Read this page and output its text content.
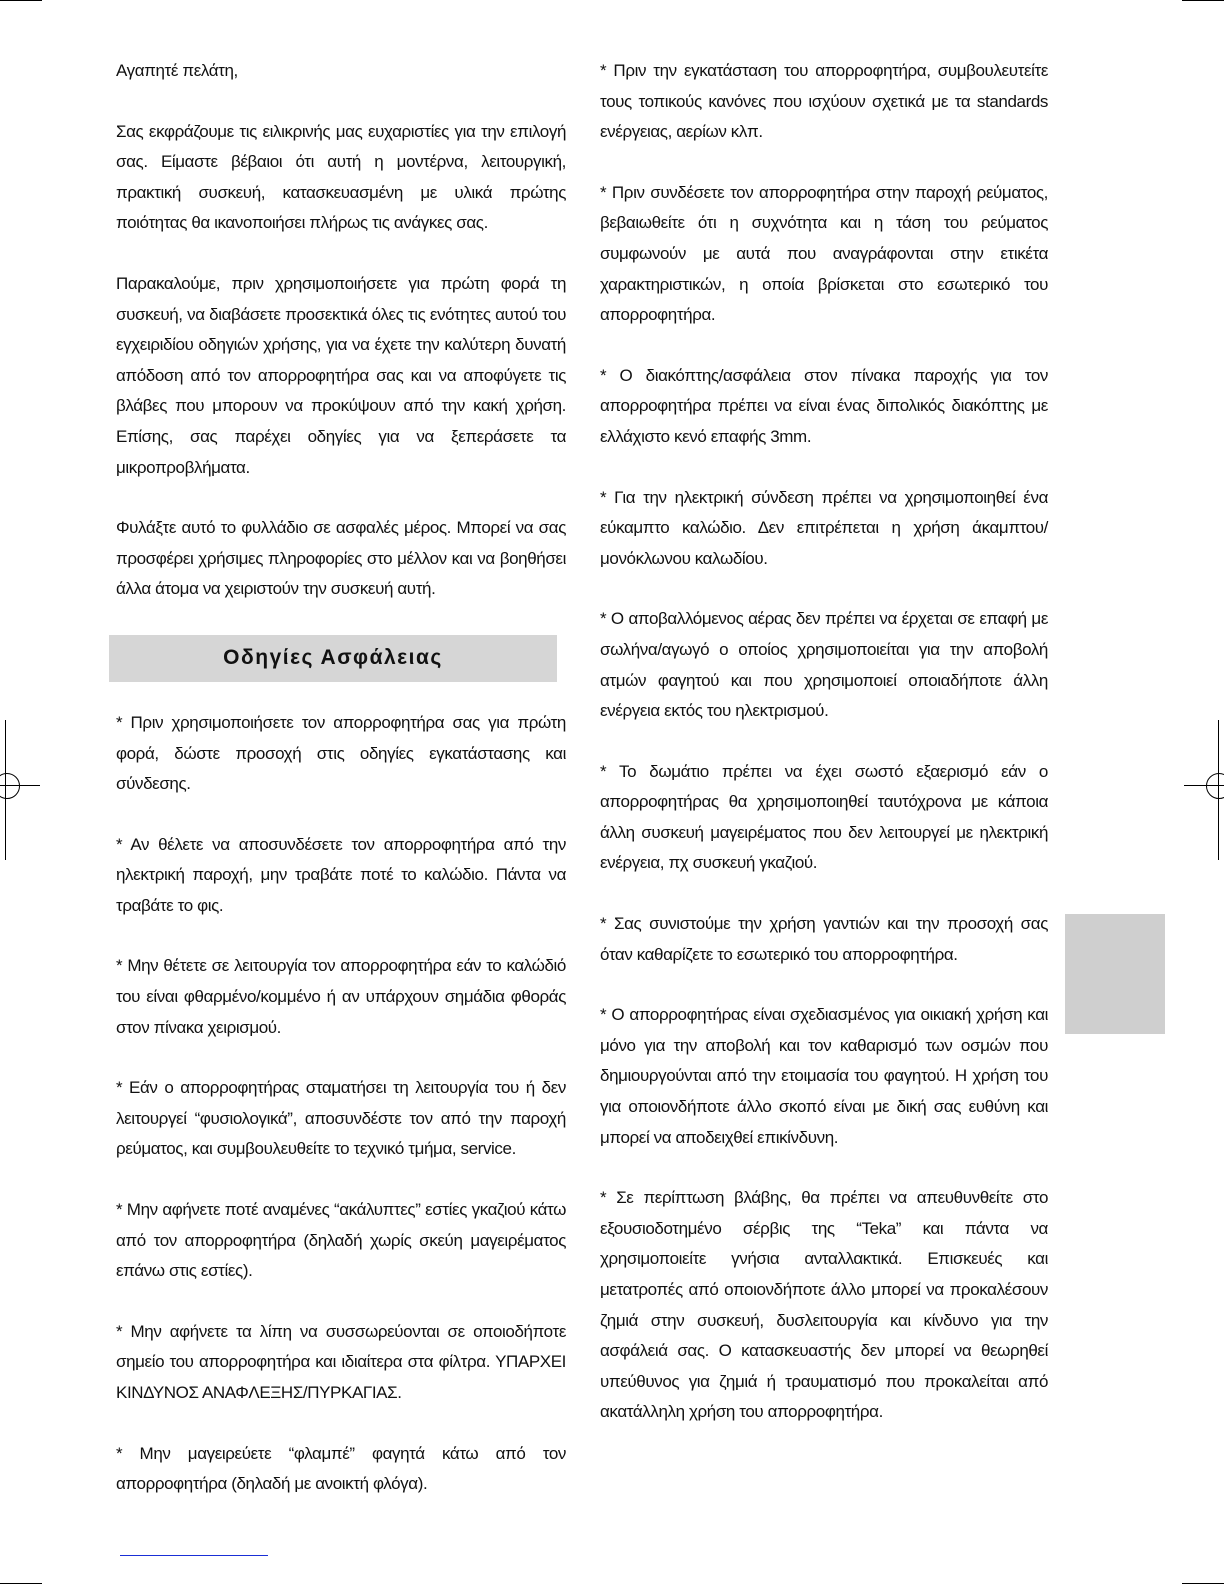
Αγαπητέ πελάτη,

Σας εκφράζουμε τις ειλικρινής μας ευχαριστίες για την επιλογή σας. Είμαστε βέβαιοι ότι αυτή η μοντέρνα, λειτουργική, πρακτική συσκευή, κατασκευασμένη με υλικά πρώτης ποιότητας θα ικανοποιήσει πλήρως τις ανάγκες σας.

Παρακαλούμε, πριν χρησιμοποιήσετε για πρώτη φορά τη συσκευή, να διαβάσετε προσεκτικά όλες τις ενότητες αυτού του εγχειριδίου οδηγιών χρήσης, για να έχετε την καλύτερη δυνατή απόδοση από τον απορροφητήρα σας και να αποφύγετε τις βλάβες που μπορουν να προκύψουν από την κακή χρήση. Επίσης, σας παρέχει οδηγίες για να ξεπεράσετε τα μικροπροβλήματα.

Φυλάξτε αυτό το φυλλάδιο σε ασφαλές μέρος. Μπορεί να σας προσφέρει χρήσιμες πληροφορίες στο μέλλον και να βοηθήσει άλλα άτομα να χειριστούν την συσκευή αυτή.

Οδηγίες Ασφάλειας

* Πριν χρησιμοποιήσετε τον απορροφητήρα σας για πρώτη φορά, δώστε προσοχή στις οδηγίες εγκατάστασης και σύνδεσης.

* Αν θέλετε να αποσυνδέσετε τον απορροφητήρα από την ηλεκτρική παροχή, μην τραβάτε ποτέ το καλώδιο. Πάντα να τραβάτε το φις.

* Μην θέτετε σε λειτουργία τον απορροφητήρα εάν το καλώδιό του είναι φθαρμένο/κομμένο ή αν υπάρχουν σημάδια φθοράς στον πίνακα χειρισμού.

* Εάν ο απορροφητήρας σταματήσει τη λειτουργία του ή δεν λειτουργεί “φυσιολογικά”, αποσυνδέστε τον από την παροχή ρεύματος, και συμβουλευθείτε το τεχνικό τμήμα, service.

* Μην αφήνετε ποτέ αναμένες “ακάλυπτες” εστίες γκαζιού κάτω από τον απορροφητήρα (δηλαδή χωρίς σκεύη μαγειρέματος επάνω στις εστίες).

* Μην αφήνετε τα λίπη να συσσωρεύονται σε οποιοδήποτε σημείο του απορροφητήρα και ιδιαίτερα στα φίλτρα. ΥΠΑΡΧΕΙ ΚΙΝΔΥΝΟΣ ΑΝΑΦΛΕΞΗΣ/ΠΥΡΚΑΓΙΑΣ.

* Μην μαγειρεύετε “φλαμπέ” φαγητά κάτω από τον απορροφητήρα (δηλαδή με ανοικτή φλόγα).

* Πριν την εγκατάσταση του απορροφητήρα, συμβουλευτείτε τους τοπικούς κανόνες που ισχύουν σχετικά με τα standards ενέργειας, αερίων κλπ.

* Πριν συνδέσετε τον απορροφητήρα στην παροχή ρεύματος, βεβαιωθείτε ότι η συχνότητα και η τάση του ρεύματος συμφωνούν με αυτά που αναγράφονται στην ετικέτα χαρακτηριστικών, η οποία βρίσκεται στο εσωτερικό του απορροφητήρα.

* Ο διακόπτης/ασφάλεια στον πίνακα παροχής για τον απορροφητήρα πρέπει να είναι ένας διπολικός διακόπτης με ελλάχιστο κενό επαφής 3mm.

* Για την ηλεκτρική σύνδεση πρέπει να χρησιμοποιηθεί ένα εύκαμπτο καλώδιο. Δεν επιτρέπεται η χρήση άκαμπτου/μονόκλωνου καλωδίου.

* Ο αποβαλλόμενος αέρας δεν πρέπει να έρχεται σε επαφή με σωλήνα/αγωγό ο οποίος χρησιμοποιείται για την αποβολή ατμών φαγητού και που χρησιμοποιεί οποιαδήποτε άλλη ενέργεια εκτός του ηλεκτρισμού.

* Το δωμάτιο πρέπει να έχει σωστό εξαερισμό εάν ο απορροφητήρας θα χρησιμοποιηθεί ταυτόχρονα με κάποια άλλη συσκευή μαγειρέματος που δεν λειτουργεί με ηλεκτρική ενέργεια, πχ συσκευή γκαζιού.

* Σας συνιστούμε την χρήση γαντιών και την προσοχή σας όταν καθαρίζετε το εσωτερικό του απορροφητήρα.

* Ο απορροφητήρας είναι σχεδιασμένος για οικιακή χρήση και μόνο για την αποβολή και τον καθαρισμό των οσμών που δημιουργούνται από την ετοιμασία του φαγητού. Η χρήση του για οποιονδήποτε άλλο σκοπό είναι με δική σας ευθύνη και μπορεί να αποδειχθεί επικίνδυνη.

* Σε περίπτωση βλάβης, θα πρέπει να απευθυνθείτε στο εξουσιοδοτημένο σέρβις της “Teka” και πάντα να χρησιμοποιείτε γνήσια ανταλλακτικά. Επισκευές και μετατροπές από οποιονδήποτε άλλο μπορεί να προκαλέσουν ζημιά στην συσκευή, δυσλειτουργία και κίνδυνο για την ασφάλειά σας. Ο κατασκευαστής δεν μπορεί να θεωρηθεί υπεύθυνος για ζημιά ή τραυματισμό που προκαλείται από ακατάλληλη χρήση του απορροφητήρα.
